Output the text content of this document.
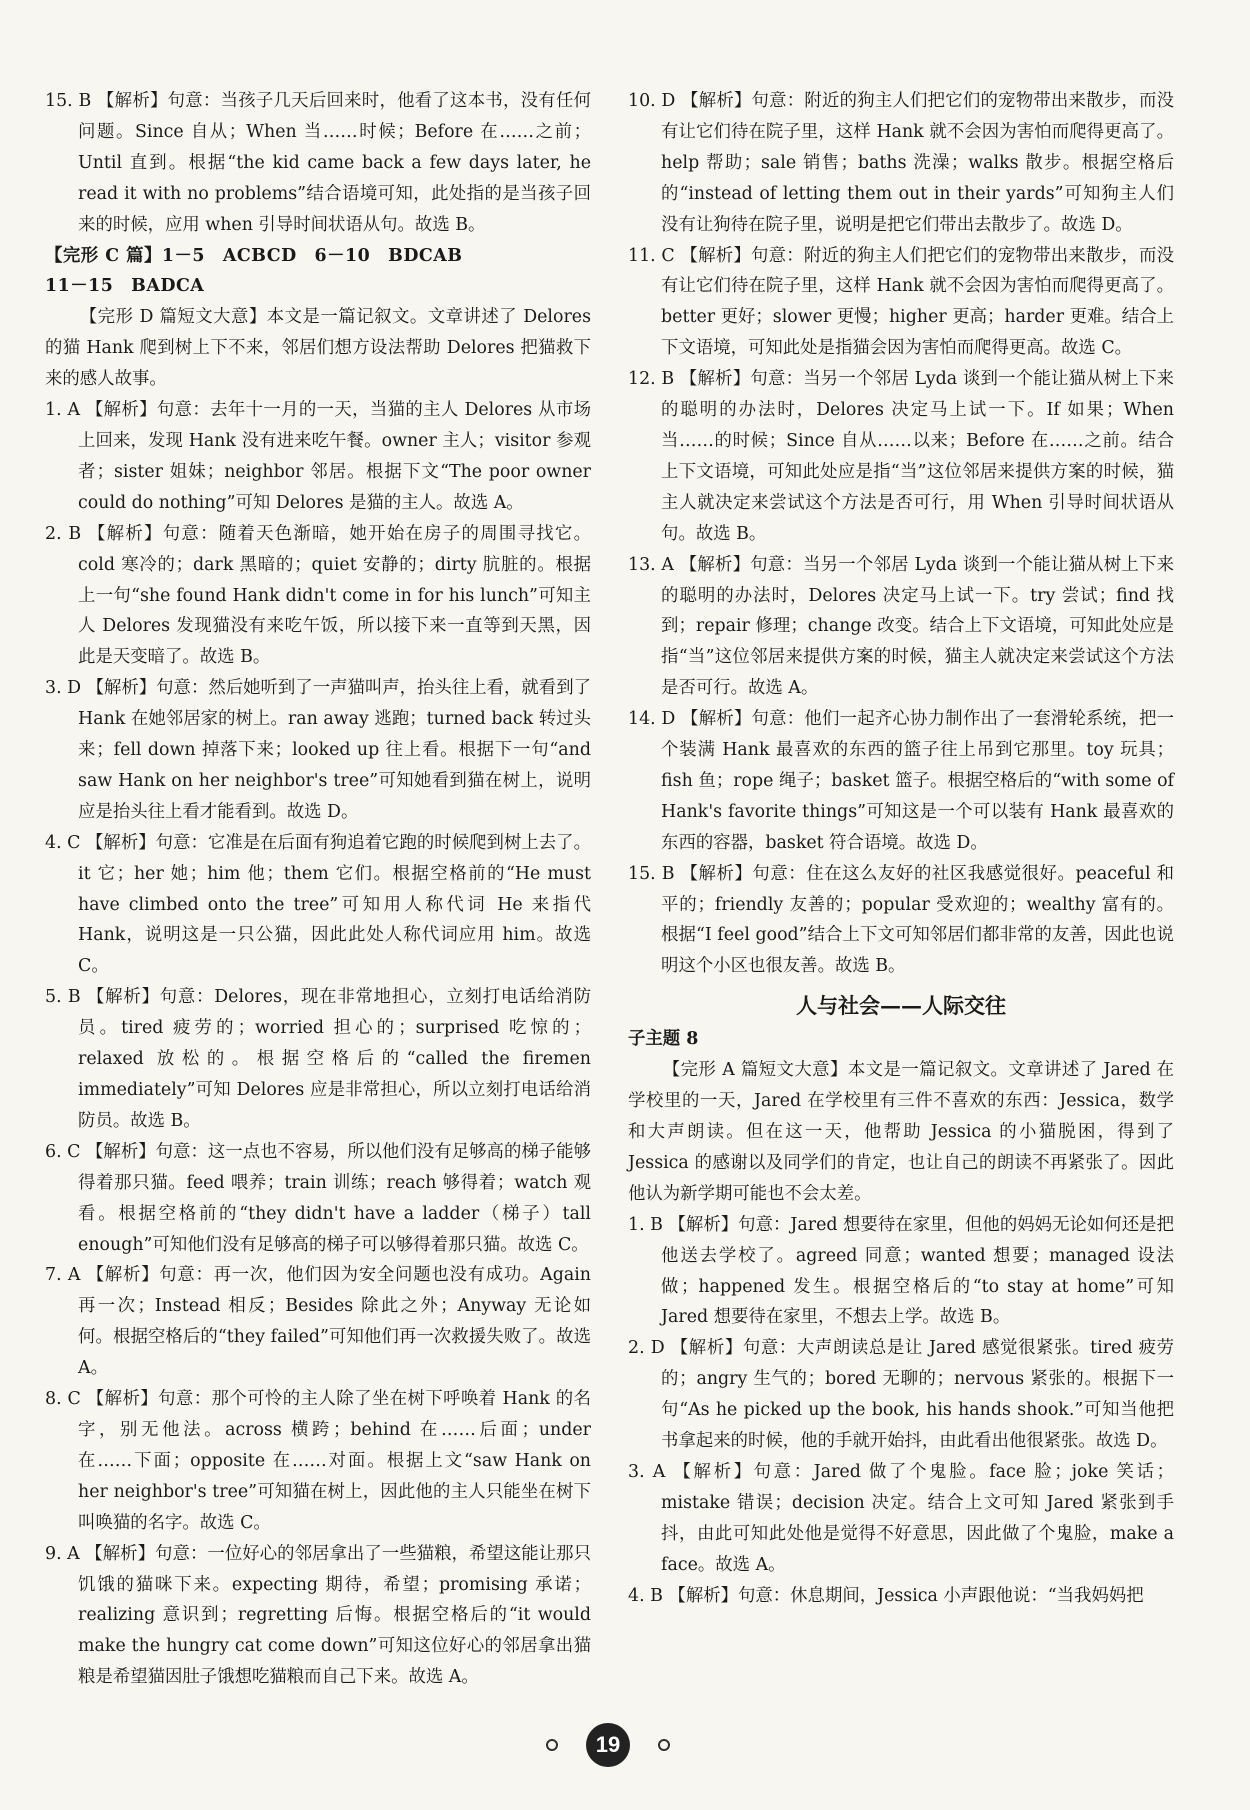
15. B 【解析】句意：当孩子几天后回来时，他看了这本书，没有任何问题。Since 自从；When 当……时候；Before 在……之前；Until 直到。根据“the kid came back a few days later, he read it with no problems”结合语境可知，此处指的是当孩子回来的时候，应用 when 引导时间状语从句。故选 B。

【完形 C 篇】1－5　ACBCD　6－10　BDCAB

11－15　BADCA

【完形 D 篇短文大意】本文是一篇记叙文。文章讲述了 Delores 的猫 Hank 爬到树上下不来，邻居们想方设法帮助 Delores 把猫救下来的感人故事。

1. A 【解析】句意：去年十一月的一天，当猫的主人 Delores 从市场上回来，发现 Hank 没有进来吃午餐。owner 主人；visitor 参观者；sister 姐妹；neighbor 邻居。根据下文“The poor owner could do nothing”可知 Delores 是猫的主人。故选 A。

2. B 【解析】句意：随着天色渐暗，她开始在房子的周围寻找它。cold 寒冷的；dark 黑暗的；quiet 安静的；dirty 肮脏的。根据上一句“she found Hank didn't come in for his lunch”可知主人 Delores 发现猫没有来吃午饭，所以接下来一直等到天黑，因此是天变暗了。故选 B。

3. D 【解析】句意：然后她听到了一声猫叫声，抬头往上看，就看到了 Hank 在她邻居家的树上。ran away 逃跑；turned back 转过头来；fell down 掉落下来；looked up 往上看。根据下一句“and saw Hank on her neighbor's tree”可知她看到猫在树上，说明应是抬头往上看才能看到。故选 D。

4. C 【解析】句意：它准是在后面有狗追着它跑的时候爬到树上去了。it 它；her 她；him 他；them 它们。根据空格前的“He must have climbed onto the tree”可知用人称代词 He 来指代 Hank，说明这是一只公猫，因此此处人称代词应用 him。故选 C。

5. B 【解析】句意：Delores，现在非常地担心，立刻打电话给消防员。tired 疲劳的；worried 担心的；surprised 吃惊的；relaxed 放松的。根据空格后的“called the firemen immediately”可知 Delores 应是非常担心，所以立刻打电话给消防员。故选 B。

6. C 【解析】句意：这一点也不容易，所以他们没有足够高的梯子能够得着那只猫。feed 喂养；train 训练；reach 够得着；watch 观看。根据空格前的“they didn't have a ladder（梯子）tall enough”可知他们没有足够高的梯子可以够得着那只猫。故选 C。

7. A 【解析】句意：再一次，他们因为安全问题也没有成功。Again 再一次；Instead 相反；Besides 除此之外；Anyway 无论如何。根据空格后的“they failed”可知他们再一次救援失败了。故选 A。

8. C 【解析】句意：那个可怜的主人除了坐在树下呼唤着 Hank 的名字，别无他法。across 横跨；behind 在……后面；under 在……下面；opposite 在……对面。根据上文“saw Hank on her neighbor's tree”可知猫在树上，因此他的主人只能坐在树下叫唤猫的名字。故选 C。

9. A 【解析】句意：一位好心的邻居拿出了一些猫粮，希望这能让那只饥饿的猫咪下来。expecting 期待，希望；promising 承诺；realizing 意识到；regretting 后悔。根据空格后的“it would make the hungry cat come down”可知这位好心的邻居拿出猫粮是希望猫因肚子饿想吃猫粮而自己下来。故选 A。

10. D 【解析】句意：附近的狗主人们把它们的宠物带出来散步，而没有让它们待在院子里，这样 Hank 就不会因为害怕而爬得更高了。help 帮助；sale 销售；baths 洗澡；walks 散步。根据空格后的“instead of letting them out in their yards”可知狗主人们没有让狗待在院子里，说明是把它们带出去散步了。故选 D。

11. C 【解析】句意：附近的狗主人们把它们的宠物带出来散步，而没有让它们待在院子里，这样 Hank 就不会因为害怕而爬得更高了。better 更好；slower 更慢；higher 更高；harder 更难。结合上下文语境，可知此处是指猫会因为害怕而爬得更高。故选 C。

12. B 【解析】句意：当另一个邻居 Lyda 谈到一个能让猫从树上下来的聪明的办法时，Delores 决定马上试一下。If 如果；When 当……的时候；Since 自从……以来；Before 在……之前。结合上下文语境，可知此处应是指“当”这位邻居来提供方案的时候，猫主人就决定来尝试这个方法是否可行，用 When 引导时间状语从句。故选 B。

13. A 【解析】句意：当另一个邻居 Lyda 谈到一个能让猫从树上下来的聪明的办法时，Delores 决定马上试一下。try 尝试；find 找到；repair 修理；change 改变。结合上下文语境，可知此处应是指“当”这位邻居来提供方案的时候，猫主人就决定来尝试这个方法是否可行。故选 A。

14. D 【解析】句意：他们一起齐心协力制作出了一套滑轮系统，把一个装满 Hank 最喜欢的东西的篮子往上吊到它那里。toy 玩具；fish 鱼；rope 绳子；basket 篮子。根据空格后的“with some of Hank's favorite things”可知这是一个可以装有 Hank 最喜欢的东西的容器，basket 符合语境。故选 D。

15. B 【解析】句意：住在这么友好的社区我感觉很好。peaceful 和平的；friendly 友善的；popular 受欢迎的；wealthy 富有的。根据“I feel good”结合上下文可知邻居们都非常的友善，因此也说明这个小区也很友善。故选 B。

人与社会——人际交往

子主题 8

【完形 A 篇短文大意】本文是一篇记叙文。文章讲述了 Jared 在学校里的一天，Jared 在学校里有三件不喜欢的东西：Jessica，数学和大声朗读。但在这一天，他帮助 Jessica 的小猫脱困，得到了 Jessica 的感谢以及同学们的肯定，也让自己的朗读不再紧张了。因此他认为新学期可能也不会太差。

1. B 【解析】句意：Jared 想要待在家里，但他的妈妈无论如何还是把他送去学校了。agreed 同意；wanted 想要；managed 设法做；happened 发生。根据空格后的“to stay at home”可知 Jared 想要待在家里，不想去上学。故选 B。

2. D 【解析】句意：大声朗读总是让 Jared 感觉很紧张。tired 疲劳的；angry 生气的；bored 无聊的；nervous 紧张的。根据下一句“As he picked up the book, his hands shook.”可知当他把书拿起来的时候，他的手就开始抖，由此看出他很紧张。故选 D。

3. A 【解析】句意：Jared 做了个鬼脸。face 脸；joke 笑话；mistake 错误；decision 决定。结合上文可知 Jared 紧张到手抖，由此可知此处他是觉得不好意思，因此做了个鬼脸，make a face。故选 A。

4. B 【解析】句意：休息期间，Jessica 小声跟他说：“当我妈妈把

19
